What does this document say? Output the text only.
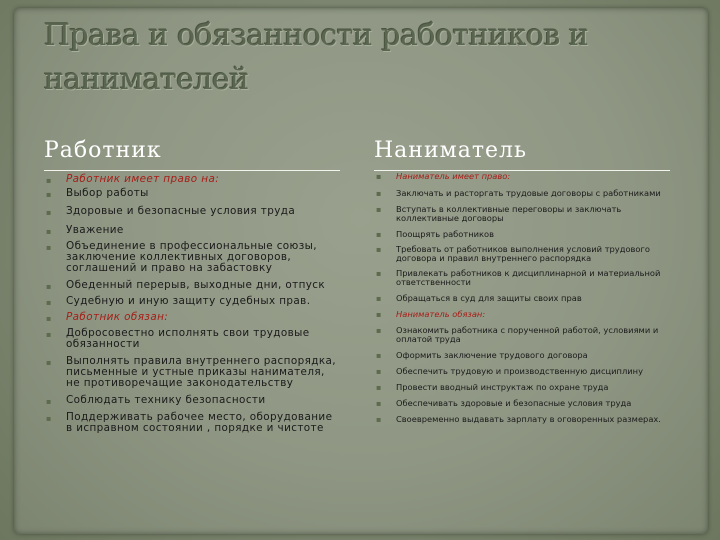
Права и обязанности работников и нанимателей
Работник	Наниматель
▪ Работник имеет право на:
▪ Выбор работы
▪ Здоровые и безопасные условия труда
▪ Уважение
▪ Объединение в профессиональные союзы, заключение коллективных договоров, соглашений и право на забастовку
▪ Обеденный перерыв, выходные дни, отпуск
▪ Судебную и иную защиту судебных прав.
▪ Работник обязан:
▪ Добросовестно исполнять свои трудовые обязанности
▪ Выполнять правила внутреннего распорядка, письменные и устные приказы нанимателя, не противоречащие законодательству
▪ Соблюдать технику безопасности
▪ Поддерживать рабочее место, оборудование в исправном состоянии , порядке и чистоте
▪ Наниматель имеет право:
▪ Заключать и расторгать трудовые договоры с работниками
▪ Вступать в коллективные переговоры и заключать коллективные договоры
▪ Поощрять работников
▪ Требовать от работников выполнения условий трудового договора и правил внутреннего распорядка
▪ Привлекать работников к дисциплинарной и материальной ответственности
▪ Обращаться в суд для защиты своих прав
▪ Наниматель обязан:
▪ Ознакомить работника с порученной работой, условиями и оплатой труда
▪ Оформить заключение трудового договора
▪ Обеспечить трудовую и производственную дисциплину
▪ Провести вводный инструктаж по охране труда
▪ Обеспечивать здоровые и безопасные условия труда
▪ Своевременно выдавать зарплату в оговоренных размерах.
